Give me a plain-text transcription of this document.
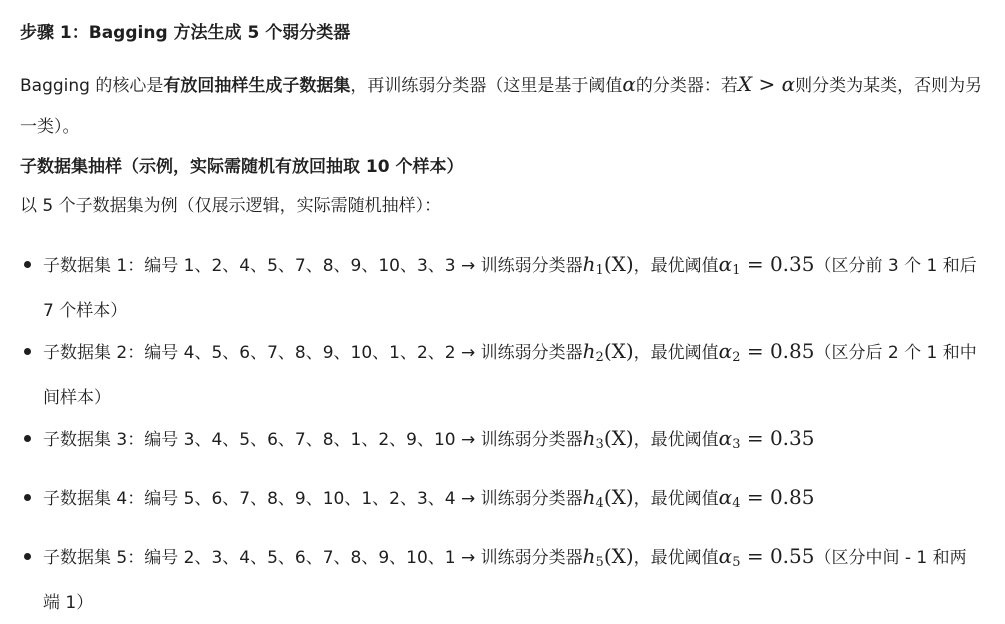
步骤 1：Bagging 方法生成 5 个弱分类器
Bagging 的核心是有放回抽样生成子数据集，再训练弱分类器（这里是基于阈值α的分类器：若X > α则分类为某类，否则为另一类）。
子数据集抽样（示例，实际需随机有放回抽取 10 个样本）
以 5 个子数据集为例（仅展示逻辑，实际需随机抽样）：
子数据集 1：编号 1、2、4、5、7、8、9、10、3、3 → 训练弱分类器$h_1(X)$，最优阈值$\alpha_1 = 0.35$（区分前 3 个 1 和后 7 个样本）
子数据集 2：编号 4、5、6、7、8、9、10、1、2、2 → 训练弱分类器$h_2(X)$，最优阈值$\alpha_2 = 0.85$（区分后 2 个 1 和中间样本）
子数据集 3：编号 3、4、5、6、7、8、1、2、9、10 → 训练弱分类器$h_3(X)$，最优阈值$\alpha_3 = 0.35$
子数据集 4：编号 5、6、7、8、9、10、1、2、3、4 → 训练弱分类器$h_4(X)$，最优阈值$\alpha_4 = 0.85$
子数据集 5：编号 2、3、4、5、6、7、8、9、10、1 → 训练弱分类器$h_5(X)$，最优阈值$\alpha_5 = 0.55$（区分中间 - 1 和两端 1）
